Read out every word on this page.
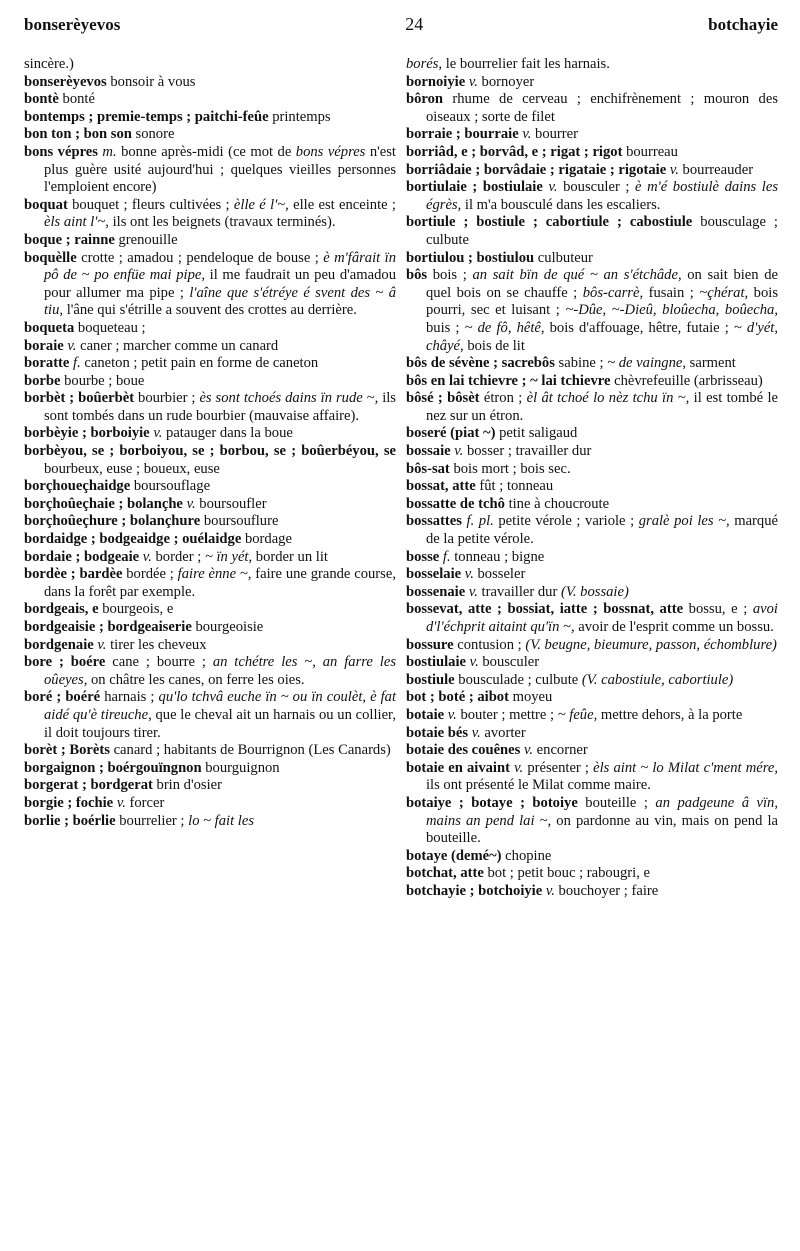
bonserèyevos	24	botchayie

sincère.)

bonserèyevos bonsoir à vous

bontè bonté

bontemps ; premie-temps ; paitchi-feûe printemps

bon ton ; bon son sonore

bons vépres m. bonne après-midi (ce mot de bons vépres n'est plus guère usité aujourd'hui ; quelques vieilles personnes l'emploient encore)

boquat bouquet ; fleurs cultivées ; èlle é l'~, elle est enceinte ; èls aint l'~, ils ont les beignets (travaux terminés).

boque ; rainne grenouille

boquèlle crotte ; amadou ; pendeloque de bouse ; è m'fârait ïn pô de ~ po enfüe mai pipe, il me faudrait un peu d'amadou pour allumer ma pipe ; l'aîne que s'étréye é svent des ~ â tiu, l'âne qui s'étrille a souvent des crottes au derrière.

boqueta boqueteau ;

boraie v. caner ; marcher comme un canard

boratte f. caneton ; petit pain en forme de caneton

borbe bourbe ; boue

borbèt ; boûerbèt bourbier ; ès sont tchoés dains ïn rude ~, ils sont tombés dans un rude bourbier (mauvaise affaire).

borbèyie ; borboiyie v. patauger dans la boue

borbèyou, se ; borboiyou, se ; borbou, se ; boûerbéyou, se bourbeux, euse ; boueux, euse

borçhoueçhaidge boursouflage

borçhoûeçhaie ; bolançhe v. boursoufler

borçhoûeçhure ; bolançhure boursouflure

bordaidge ; bodgeaidge ; ouélaidge bordage

bordaie ; bodgeaie v. border ; ~ ïn yét, border un lit

bordèe ; bardèe bordée ; faire ènne ~, faire une grande course, dans la forêt par exemple.

bordgeais, e bourgeois, e

bordgeaisie ; bordgeaiserie bourgeoisie

bordgenaie v. tirer les cheveux

bore ; boére cane ; bourre ; an tchétre les ~, an farre les oûeyes, on châtre les canes, on ferre les oies.

boré ; boéré harnais ; qu'lo tchvâ euche ïn ~ ou ïn coulèt, è fat aidé qu'è tireuche, que le cheval ait un harnais ou un collier, il doit toujours tirer.

borèt ; Borèts canard ; habitants de Bourrignon (Les Canards)

borgaignon ; boérgouïngnon bourguignon

borgerat ; bordgerat brin d'osier

borgie ; fochie v. forcer

borlie ; boérlie bourrelier ; lo ~ fait les

borés, le bourrelier fait les harnais.

bornoiyie v. bornoyer

bôron rhume de cerveau ; enchifrènement ; mouron des oiseaux ; sorte de filet

borraie ; bourraie v. bourrer

borriâd, e ; borvâd, e ; rigat ; rigot bourreau

borriâdaie ; borvâdaie ; rigataie ; rigotaie v. bourreauder

bortiulaie ; bostiulaie v. bousculer ; è m'é bostiulè dains les égrès, il m'a bousculé dans les escaliers.

bortiule ; bostiule ; cabortiule ; cabostiule bousculage ; culbute

bortiulou ; bostiulou culbuteur

bôs bois ; an sait bïn de qué ~ an s'étchâde, on sait bien de quel bois on se chauffe ; bôs-carrè, fusain ; ~çhérat, bois pourri, sec et luisant ; ~-Dûe, ~-Dieû, bloûecha, boûecha, buis ; ~ de fô, hêtê, bois d'affouage, hêtre, futaie ; ~ d'yét, châyé, bois de lit

bôs de sévène ; sacrebôs sabine ; ~ de vaingne, sarment

bôs en lai tchievre ; ~ lai tchievre chèvrefeuille (arbrisseau)

bôsé ; bôsèt étron ; èl ât tchoé lo nèz tchu ïn ~, il est tombé le nez sur un étron.

boseré (piat ~) petit saligaud

bossaie v. bosser ; travailler dur

bôs-sat bois mort ; bois sec.

bossat, atte fût ; tonneau

bossatte de tchô tine à choucroute

bossattes f. pl. petite vérole ; variole ; gralè poi les ~, marqué de la petite vérole.

bosse f. tonneau ; bigne

bosselaie v. bosseler

bossenaie v. travailler dur (V. bossaie)

bossevat, atte ; bossiat, iatte ; bossnat, atte bossu, e ; avoi d'l'échprit aitaint qu'ïn ~, avoir de l'esprit comme un bossu.

bossure contusion ; (V. beugne, bieumure, passon, échomblure)

bostiulaie v. bousculer

bostiule bousculade ; culbute (V. cabostiule, cabortiule)

bot ; boté ; aibot moyeu

botaie v. bouter ; mettre ; ~ feûe, mettre dehors, à la porte

botaie bés v. avorter

botaie des couênes v. encorner

botaie en aivaint v. présenter ; èls aint ~ lo Milat c'ment mére, ils ont présenté le Milat comme maire.

botaiye ; botaye ; botoiye bouteille ; an padgeune â vïn, mains an pend lai ~, on pardonne au vin, mais on pend la bouteille.

botaye (demé~) chopine

botchat, atte bot ; petit bouc ; rabougri, e

botchayie ; botchoiyie v. bouchoyer ; faire
